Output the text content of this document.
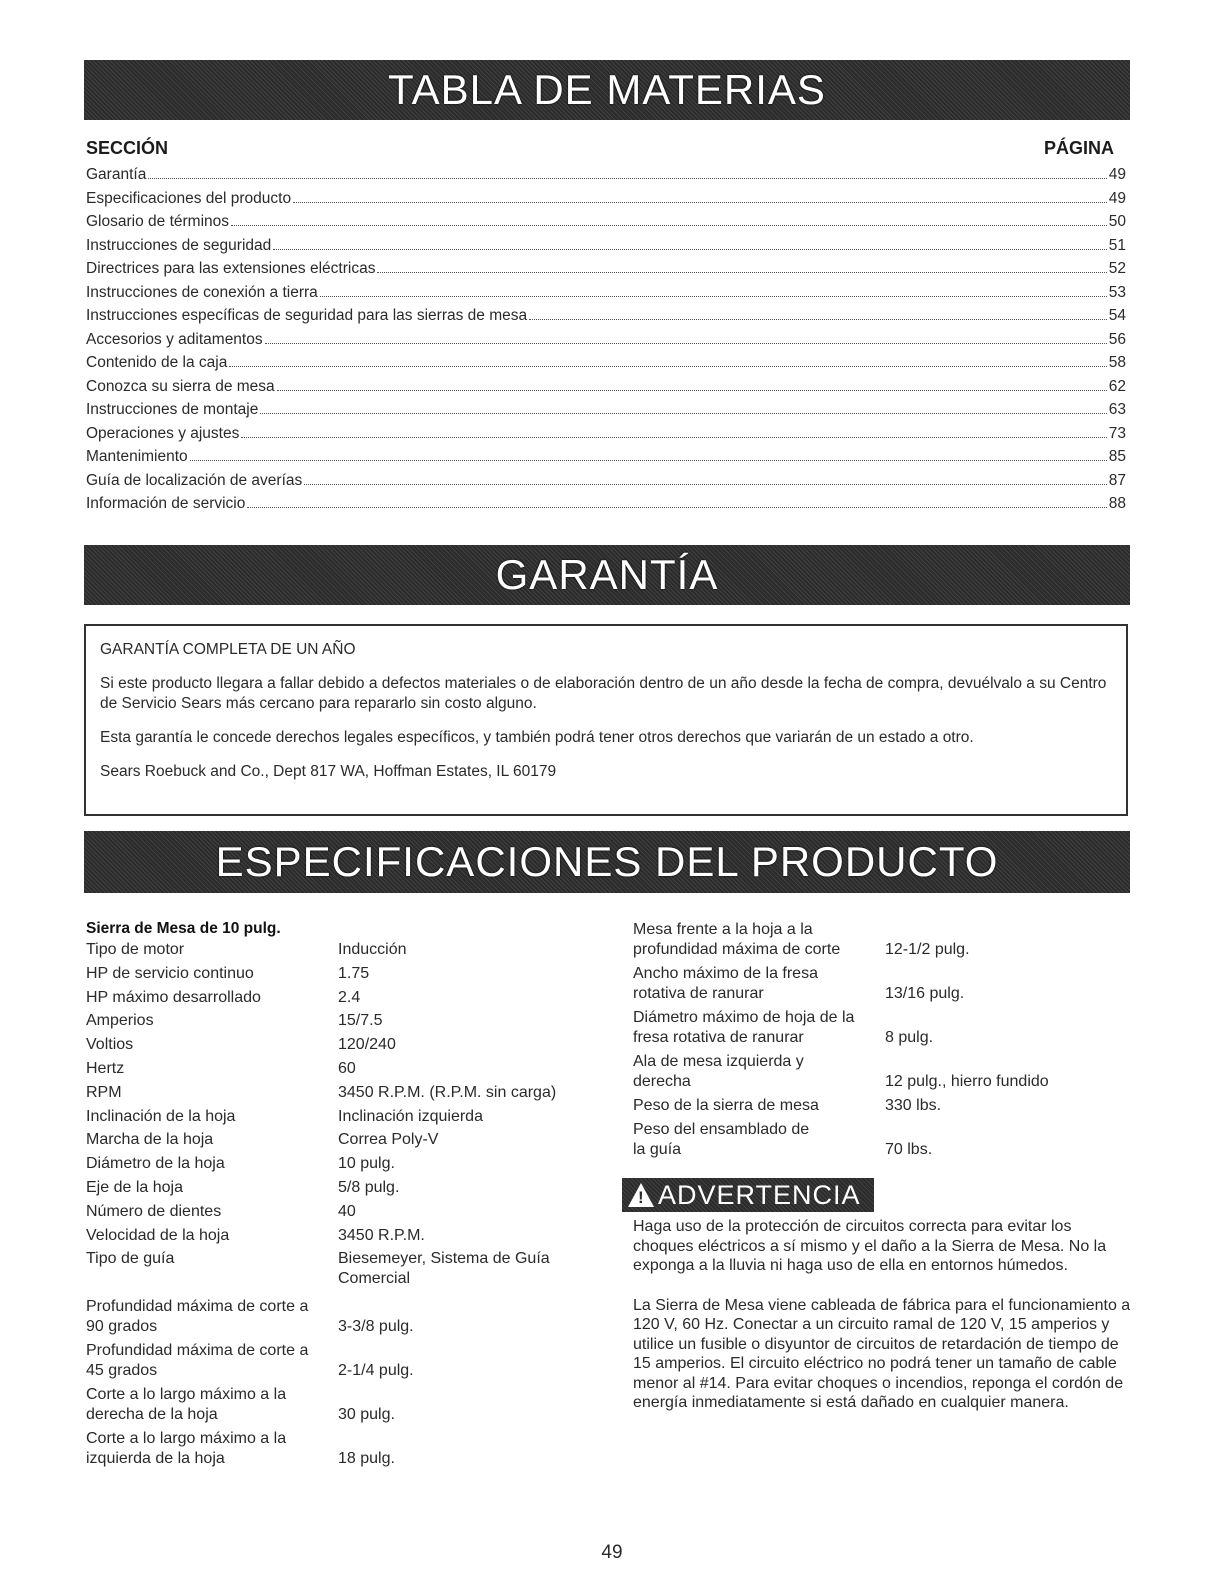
TABLA DE MATERIAS
SECCIÓN	PÁGINA
Garantía	49
Especificaciones del producto	49
Glosario de términos	50
Instrucciones de seguridad	51
Directrices para las extensiones eléctricas	52
Instrucciones de conexión a tierra	53
Instrucciones específicas de seguridad para las sierras de mesa	54
Accesorios y aditamentos	56
Contenido de la caja	58
Conozca su sierra de mesa	62
Instrucciones de montaje	63
Operaciones y ajustes	73
Mantenimiento	85
Guía de localización de averías	87
Información de servicio	88
GARANTÍA

GARANTÍA COMPLETA DE UN AÑO

Si este producto llegara a fallar debido a defectos materiales o de elaboración dentro de un año desde la fecha de compra, devuélvalo a su Centro de Servicio Sears más cercano para repararlo sin costo alguno.

Esta garantía le concede derechos legales específicos, y también podrá tener otros derechos que variarán de un estado a otro.

Sears Roebuck and Co., Dept 817 WA, Hoffman Estates, IL 60179

ESPECIFICACIONES DEL PRODUCTO
Sierra de Mesa de 10 pulg.
Tipo de motor	Inducción
HP de servicio continuo	1.75
HP máximo desarrollado	2.4
Amperios	15/7.5
Voltios	120/240
Hertz	60
RPM	3450 R.P.M. (R.P.M. sin carga)
Inclinación de la hoja	Inclinación izquierda
Marcha de la hoja	Correa Poly-V
Diámetro de la hoja	10 pulg.
Eje de la hoja	5/8 pulg.
Número de dientes	40
Velocidad de la hoja	3450 R.P.M.
Tipo de guía	Biesemeyer, Sistema de Guía Comercial
Profundidad máxima de corte a 90 grados	3-3/8 pulg.
Profundidad máxima de corte a 45 grados	2-1/4 pulg.
Corte a lo largo máximo a la derecha de la hoja	30 pulg.
Corte a lo largo máximo a la izquierda de la hoja	18 pulg.
Mesa frente a la hoja a la profundidad máxima de corte	12-1/2 pulg.
Ancho máximo de la fresa rotativa de ranurar	13/16 pulg.
Diámetro máximo de hoja de la fresa rotativa de ranurar	8 pulg.
Ala de mesa izquierda y derecha	12 pulg., hierro fundido
Peso de la sierra de mesa	330 lbs.
Peso del ensamblado de la guía	70 lbs.
! ADVERTENCIA

Haga uso de la protección de circuitos correcta para evitar los choques eléctricos a sí mismo y el daño a la Sierra de Mesa. No la exponga a la lluvia ni haga uso de ella en entornos húmedos.

La Sierra de Mesa viene cableada de fábrica para el funcionamiento a 120 V, 60 Hz. Conectar a un circuito ramal de 120 V, 15 amperios y utilice un fusible o disyuntor de circuitos de retardación de tiempo de 15 amperios. El circuito eléctrico no podrá tener un tamaño de cable menor al #14. Para evitar choques o incendios, reponga el cordón de energía inmediatamente si está dañado en cualquier manera.

49
